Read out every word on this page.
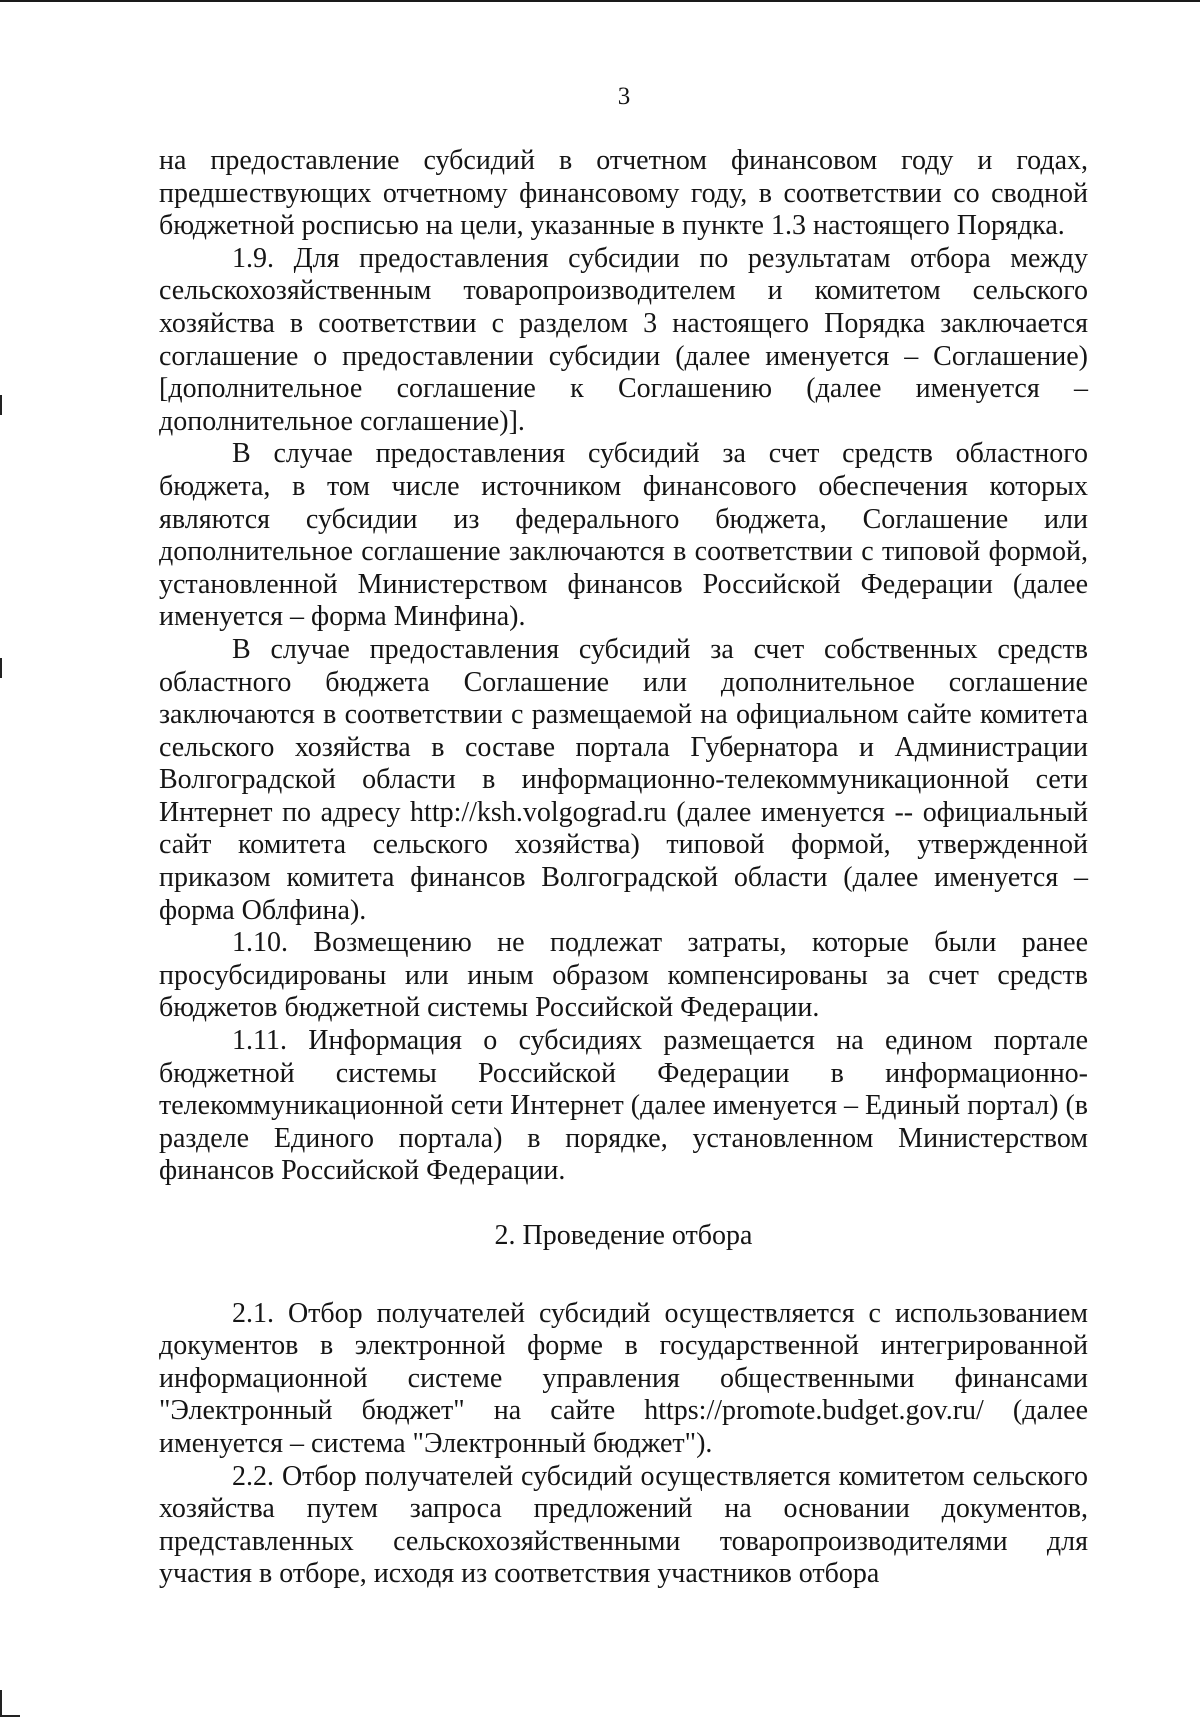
3

на предоставление субсидий в отчетном финансовом году и годах, предшествующих отчетному финансовому году, в соответствии со сводной бюджетной росписью на цели, указанные в пункте 1.3 настоящего Порядка.

1.9. Для предоставления субсидии по результатам отбора между сельскохозяйственным товаропроизводителем и комитетом сельского хозяйства в соответствии с разделом 3 настоящего Порядка заключается соглашение о предоставлении субсидии (далее именуется – Соглашение) [дополнительное соглашение к Соглашению (далее именуется – дополнительное соглашение)].

В случае предоставления субсидий за счет средств областного бюджета, в том числе источником финансового обеспечения которых являются субсидии из федерального бюджета, Соглашение или дополнительное соглашение заключаются в соответствии с типовой формой, установленной Министерством финансов Российской Федерации (далее именуется – форма Минфина).

В случае предоставления субсидий за счет собственных средств областного бюджета Соглашение или дополнительное соглашение заключаются в соответствии с размещаемой на официальном сайте комитета сельского хозяйства в составе портала Губернатора и Администрации Волгоградской области в информационно-телекоммуникационной сети Интернет по адресу http://ksh.volgograd.ru (далее именуется -- официальный сайт комитета сельского хозяйства) типовой формой, утвержденной приказом комитета финансов Волгоградской области (далее именуется – форма Облфина).

1.10. Возмещению не подлежат затраты, которые были ранее просубсидированы или иным образом компенсированы за счет средств бюджетов бюджетной системы Российской Федерации.

1.11. Информация о субсидиях размещается на едином портале бюджетной системы Российской Федерации в информационно-телекоммуникационной сети Интернет (далее именуется – Единый портал) (в разделе Единого портала) в порядке, установленном Министерством финансов Российской Федерации.

2. Проведение отбора

2.1. Отбор получателей субсидий осуществляется с использованием документов в электронной форме в государственной интегрированной информационной системе управления общественными финансами "Электронный бюджет" на сайте https://promote.budget.gov.ru/ (далее именуется – система "Электронный бюджет").

2.2. Отбор получателей субсидий осуществляется комитетом сельского хозяйства путем запроса предложений на основании документов, представленных сельскохозяйственными товаропроизводителями для участия в отборе, исходя из соответствия участников отбора
